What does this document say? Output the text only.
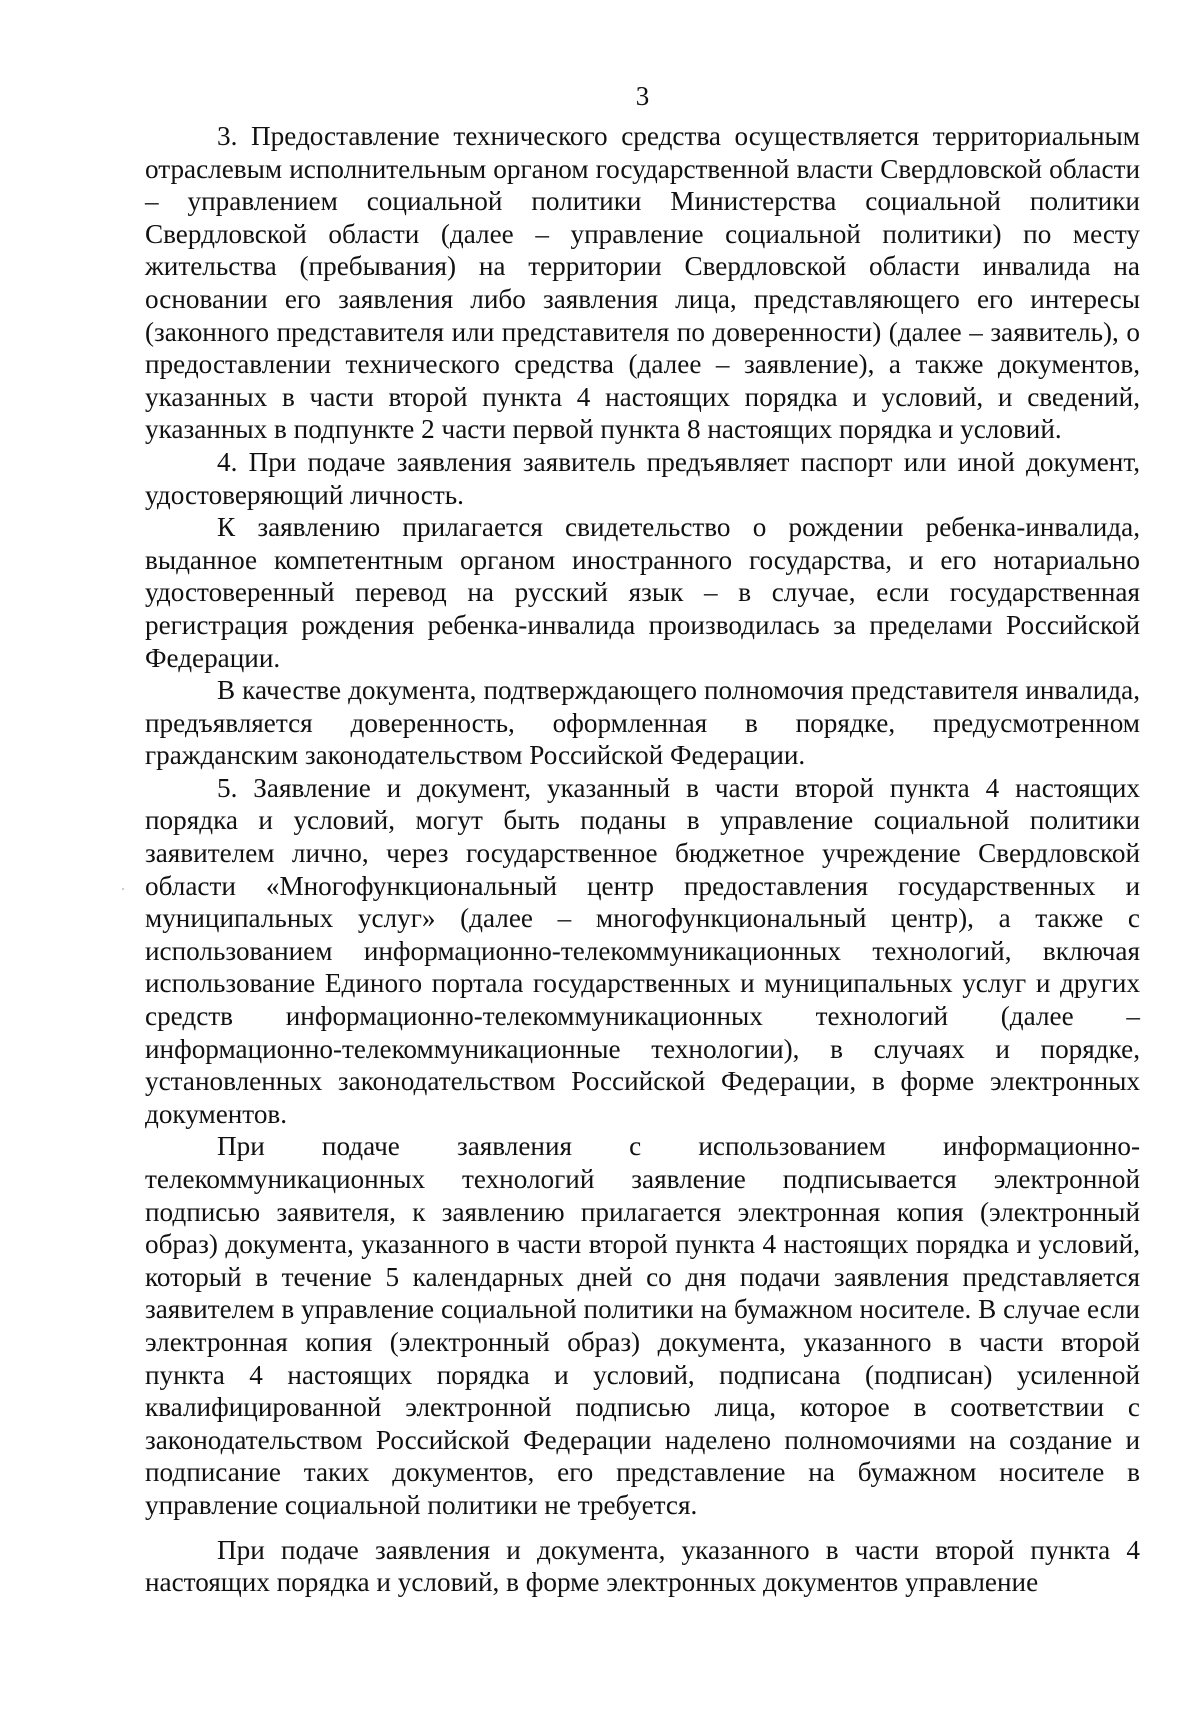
3

3. Предоставление технического средства осуществляется территориальным отраслевым исполнительным органом государственной власти Свердловской области – управлением социальной политики Министерства социальной политики Свердловской области (далее – управление социальной политики) по месту жительства (пребывания) на территории Свердловской области инвалида на основании его заявления либо заявления лица, представляющего его интересы (законного представителя или представителя по доверенности) (далее – заявитель), о предоставлении технического средства (далее – заявление), а также документов, указанных в части второй пункта 4 настоящих порядка и условий, и сведений, указанных в подпункте 2 части первой пункта 8 настоящих порядка и условий.

4. При подаче заявления заявитель предъявляет паспорт или иной документ, удостоверяющий личность.

К заявлению прилагается свидетельство о рождении ребенка-инвалида, выданное компетентным органом иностранного государства, и его нотариально удостоверенный перевод на русский язык – в случае, если государственная регистрация рождения ребенка-инвалида производилась за пределами Российской Федерации.

В качестве документа, подтверждающего полномочия представителя инвалида, предъявляется доверенность, оформленная в порядке, предусмотренном гражданским законодательством Российской Федерации.

5. Заявление и документ, указанный в части второй пункта 4 настоящих порядка и условий, могут быть поданы в управление социальной политики заявителем лично, через государственное бюджетное учреждение Свердловской области «Многофункциональный центр предоставления государственных и муниципальных услуг» (далее – многофункциональный центр), а также с использованием информационно-телекоммуникационных технологий, включая использование Единого портала государственных и муниципальных услуг и других средств информационно-телекоммуникационных технологий (далее – информационно-телекоммуникационные технологии), в случаях и порядке, установленных законодательством Российской Федерации, в форме электронных документов.

При подаче заявления с использованием информационно-телекоммуникационных технологий заявление подписывается электронной подписью заявителя, к заявлению прилагается электронная копия (электронный образ) документа, указанного в части второй пункта 4 настоящих порядка и условий, который в течение 5 календарных дней со дня подачи заявления представляется заявителем в управление социальной политики на бумажном носителе. В случае если электронная копия (электронный образ) документа, указанного в части второй пункта 4 настоящих порядка и условий, подписана (подписан) усиленной квалифицированной электронной подписью лица, которое в соответствии с законодательством Российской Федерации наделено полномочиями на создание и подписание таких документов, его представление на бумажном носителе в управление социальной политики не требуется.

При подаче заявления и документа, указанного в части второй пункта 4 настоящих порядка и условий, в форме электронных документов управление
